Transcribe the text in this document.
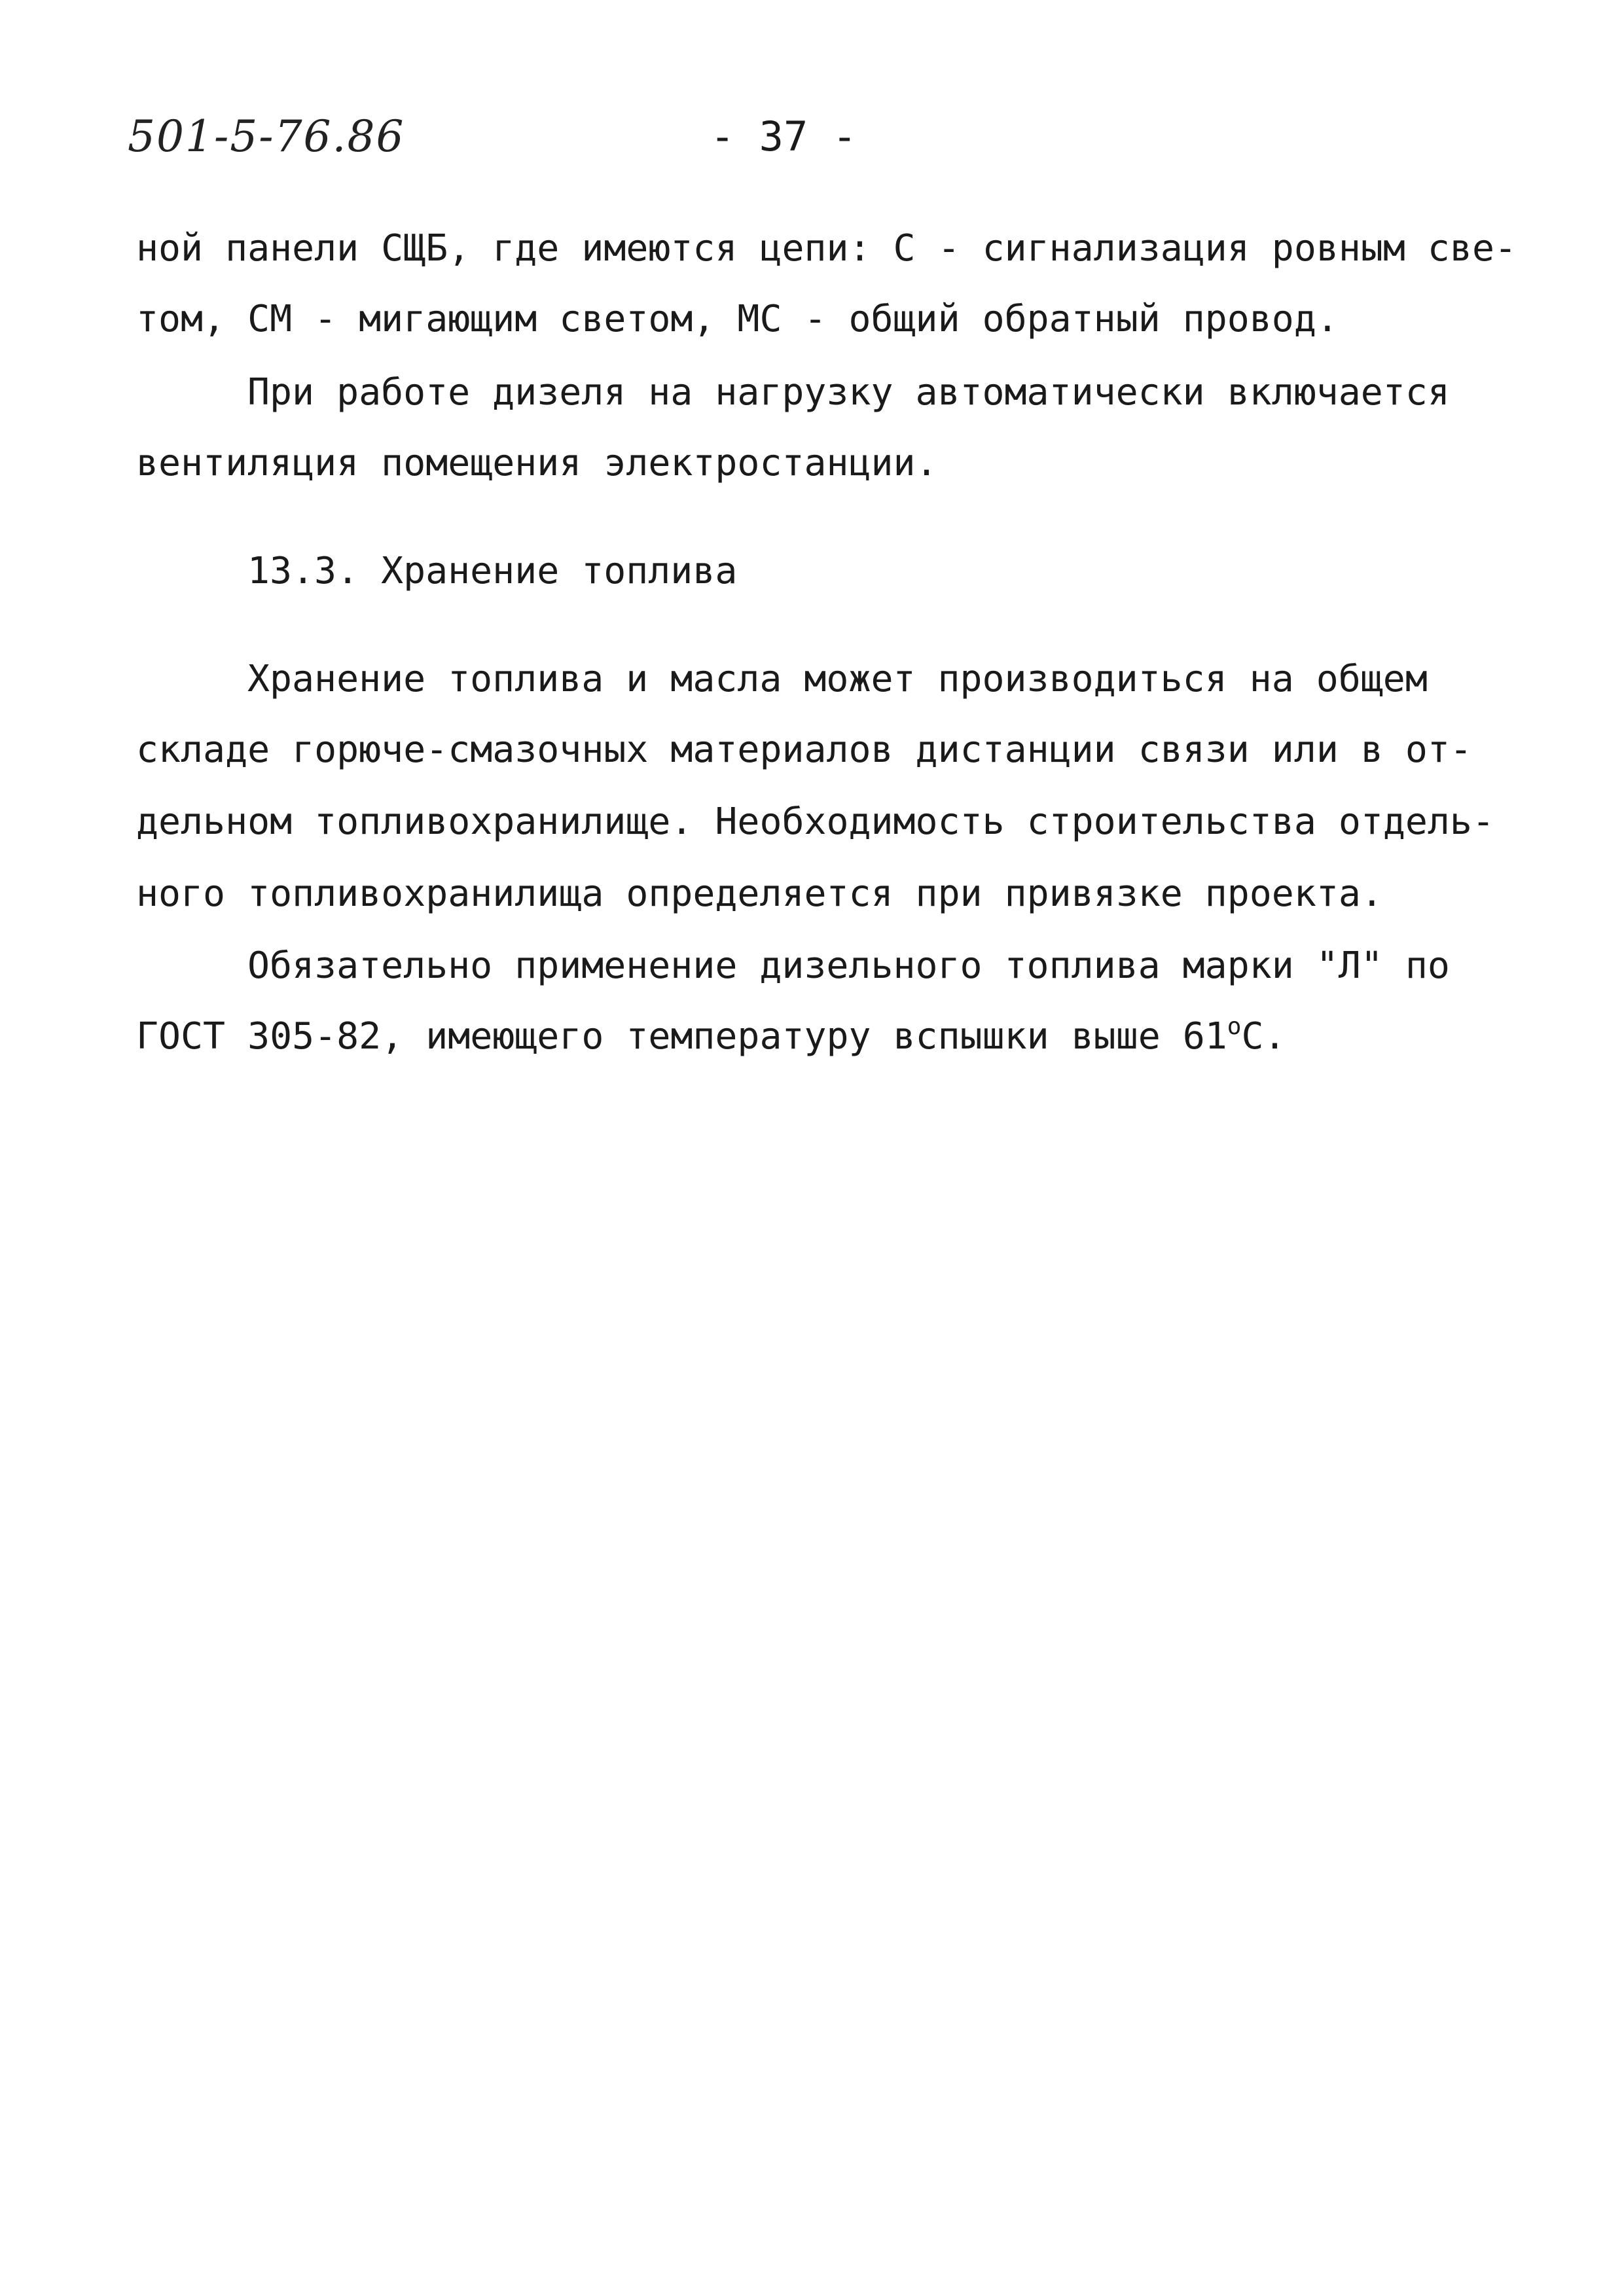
501-5-76.86	- 37 -
ной панели СЩБ, где имеются цепи: С - сигнализация ровным све-
том, СМ - мигающим светом, МС - общий обратный провод.
При работе дизеля на нагрузку автоматически включается
вентиляция помещения электростанции.
13.3. Хранение топлива
Хранение топлива и масла может производиться на общем
складе горюче-смазочных материалов дистанции связи или в от-
дельном топливохранилище. Необходимость строительства отдель-
ного топливохранилища определяется при привязке проекта.
Обязательно применение дизельного топлива марки "Л" по
ГОСТ 305-82, имеющего температуру вспышки выше $61^оС$.
